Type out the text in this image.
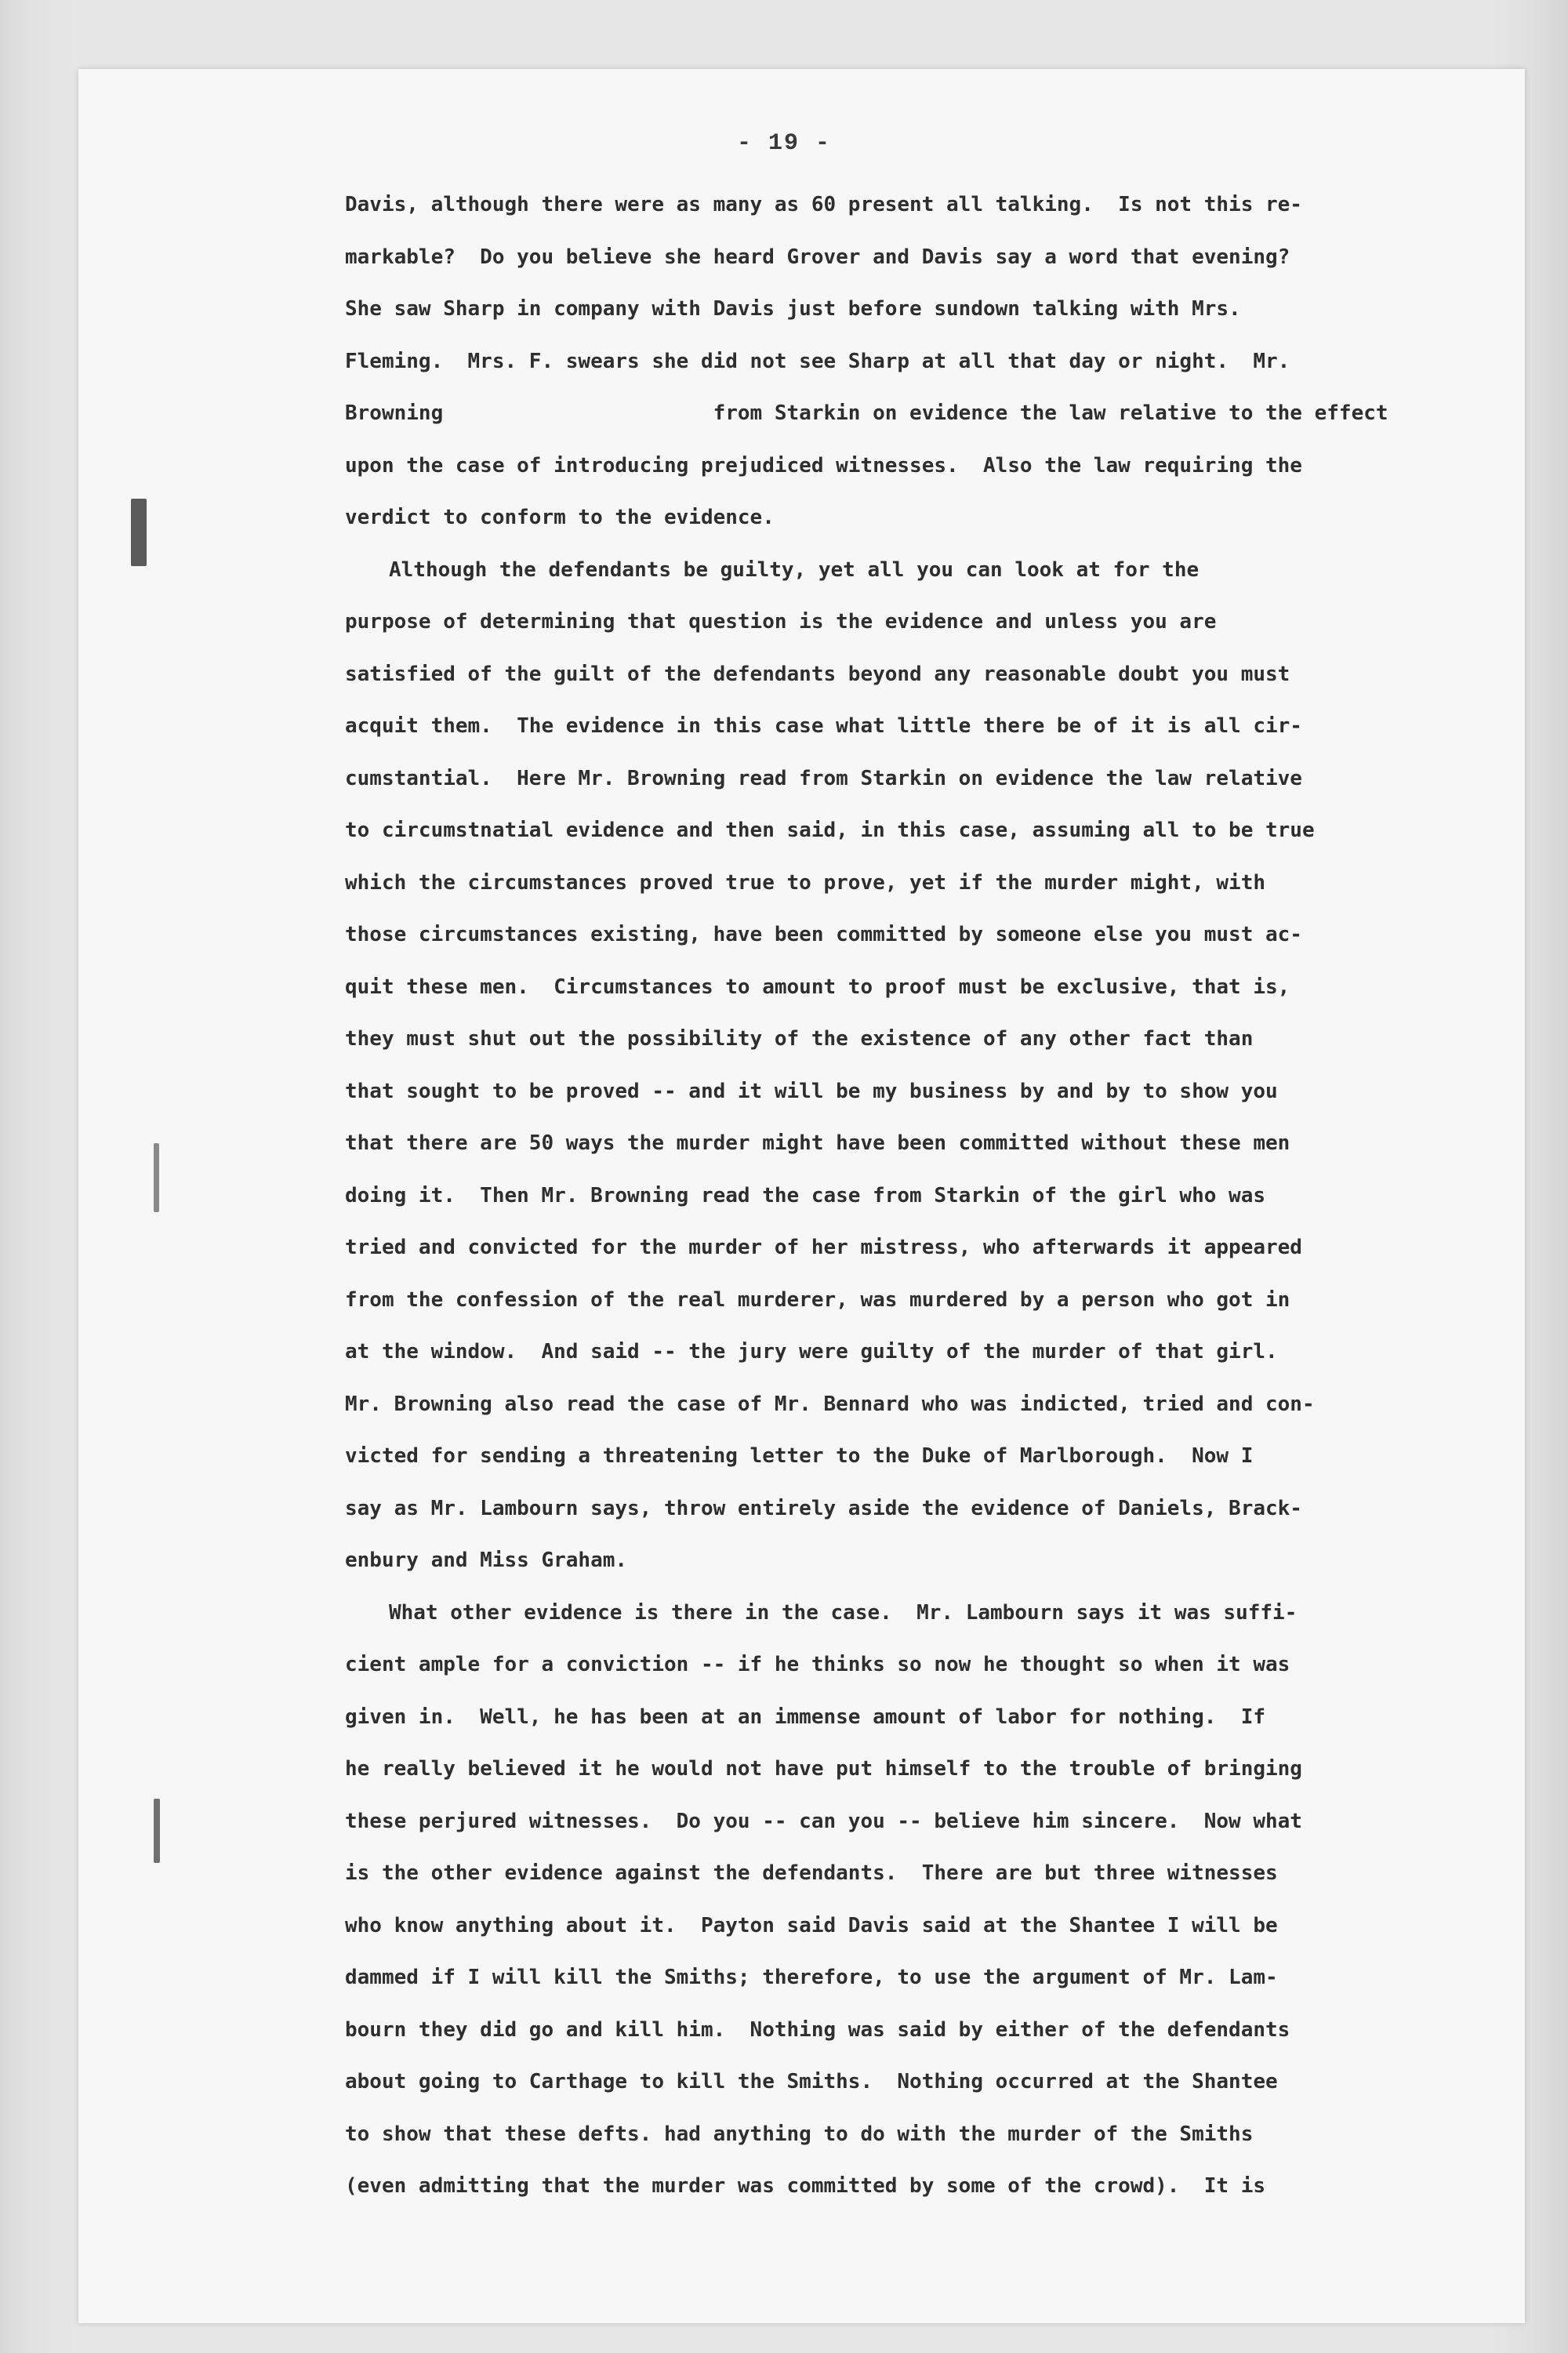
- 19 -
Davis, although there were as many as 60 present all talking.  Is not this re-
markable?  Do you believe she heard Grover and Davis say a word that evening?
She saw Sharp in company with Davis just before sundown talking with Mrs.
Fleming.  Mrs. F. swears she did not see Sharp at all that day or night.  Mr.
Browning                      from Starkin on evidence the law relative to the effect
upon the case of introducing prejudiced witnesses.  Also the law requiring the
verdict to conform to the evidence.
Although the defendants be guilty, yet all you can look at for the
purpose of determining that question is the evidence and unless you are
satisfied of the guilt of the defendants beyond any reasonable doubt you must
acquit them.  The evidence in this case what little there be of it is all cir-
cumstantial.  Here Mr. Browning read from Starkin on evidence the law relative
to circumstnatial evidence and then said, in this case, assuming all to be true
which the circumstances proved true to prove, yet if the murder might, with
those circumstances existing, have been committed by someone else you must ac-
quit these men.  Circumstances to amount to proof must be exclusive, that is,
they must shut out the possibility of the existence of any other fact than
that sought to be proved -- and it will be my business by and by to show you
that there are 50 ways the murder might have been committed without these men
doing it.  Then Mr. Browning read the case from Starkin of the girl who was
tried and convicted for the murder of her mistress, who afterwards it appeared
from the confession of the real murderer, was murdered by a person who got in
at the window.  And said -- the jury were guilty of the murder of that girl.
Mr. Browning also read the case of Mr. Bennard who was indicted, tried and con-
victed for sending a threatening letter to the Duke of Marlborough.  Now I
say as Mr. Lambourn says, throw entirely aside the evidence of Daniels, Brack-
enbury and Miss Graham.
What other evidence is there in the case.  Mr. Lambourn says it was suffi-
cient ample for a conviction -- if he thinks so now he thought so when it was
given in.  Well, he has been at an immense amount of labor for nothing.  If
he really believed it he would not have put himself to the trouble of bringing
these perjured witnesses.  Do you -- can you -- believe him sincere.  Now what
is the other evidence against the defendants.  There are but three witnesses
who know anything about it.  Payton said Davis said at the Shantee I will be
dammed if I will kill the Smiths; therefore, to use the argument of Mr. Lam-
bourn they did go and kill him.  Nothing was said by either of the defendants
about going to Carthage to kill the Smiths.  Nothing occurred at the Shantee
to show that these defts. had anything to do with the murder of the Smiths
(even admitting that the murder was committed by some of the crowd).  It is
